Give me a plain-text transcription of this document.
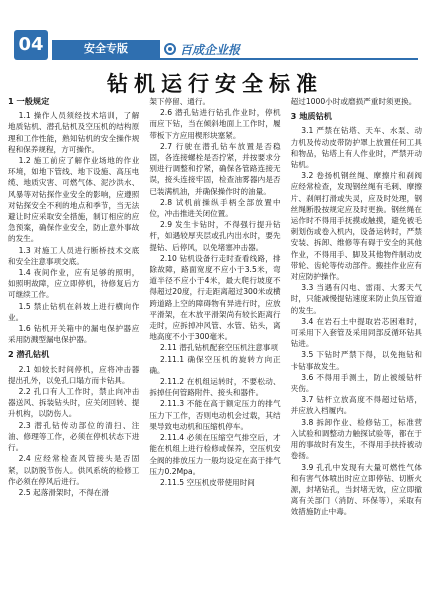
04	安全专版	百成企业报
钻机运行安全标准
1 一般规定

1.1 操作人员须经技术培训，了解地质钻机、潜孔钻机及空压机的结构原理和工作性能，熟知钻机的安全操作规程和保养规程，方可操作。

1.2 施工前应了解作业场地的作业环境，如地下管线、地下设施、高压电缆、地质灾害、可燃气体、泥沙洪水、风暴等对钻探作业安全的影响，应遵照对钻探安全不利的地点和季节，当无法避让时应采取安全措施，制订相应的应急预案，确保作业安全，防止意外事故的发生。

1.3 对施工人员进行断桥技术交底和安全注意事项交底。

1.4 夜间作业，应有足够的照明，如照明故障，应立即停机，待修复后方可继续工作。

1.5 禁止钻机在斜坡上进行横向作业。

1.6 钻机开关箱中的漏电保护器应采用防溅型漏电保护器。

2 潜孔钻机

2.1 如较长时间停机，应将冲击器提出孔外，以免孔口塌方而卡钻具。

2.2 孔口有人工作时，禁止向冲击器送风、拆装钻头时，应关闭回转、提升机构，以防伤人。

2.3 潜孔钻传动部位的清扫、注油、修理等工作，必须在停机状态下进行。

2.4 应经常检查风管接头是否固紧，以防脱节伤人。供风系统的检修工作必须在停风后进行。

2.5 起落滑架时，不得在滑

架下停留、通行。

2.6 潜孔钻进行钻孔作业时，停机而应下钻，当在倾斜地面上工作时，履带板下方应用楔形块塞紧。

2.7 行驶在潜孔钻车放置是否稳固，各连接螺栓是否拧紧，并按要求分别进行调整和拧紧，确保各管路连接无误，接头连接牢固，检查油雾器内是否已装满机油，并确保操作时的油量。

2.8 试机前操纵手柄全部放置中位，冲击推进关闭位置。

2.9 发生卡钻时，不得强行提升钻杆，如遇较厚夹层或孔内出水时，要先提钻、后停风，以免堵塞冲击器。

2.10 钻机设备行走时查看线路，排除故障，路面宽度不应小于3.5米，弯道半径不应小于4米，最大爬行坡度不得超过20度，行走距离超过300米或横跨道路上空的障碍物有异进行时，应放平滑架，在木放平滑架尚有较长距离行走时，应拆掉冲风管、水管、钻头，离地高度不小于300毫米。

2.11 潜孔钻机配套空压机注意事项

2.11.1 确保空压机的旋转方向正确。

2.11.2 在机组运转时，不要松动、拆掉任何管路附件、接头和器件。

2.11.3 不能在高于额定压力的排气压力下工作，否则电动机会过载，其结果导致电动机和压缩机停车。

2.11.4 必须在压缩空气排空后，才能在机组上进行检修或保养，空压机安全阀的排放压力一般均设定在高于排气压力0.2Mpa。

2.11.5 空压机皮带使用时间

超过1000小时或磨损严重时须更换。

3 地质钻机

3.1 严禁在钻塔、天车、水泵、动力机及传动皮带防护罩上放置任何工具和物品，钻塔上有人作业时，严禁开动钻机。

3.2 卷扬机钢丝绳、摩擦片和刹阀应经常检查，发现钢丝绳有毛刺、摩擦片、刹闸打滑或失灵，应及时处理，钢丝绳断股按规定应及时更换。钢丝绳在运作时不得用手抚摸或触摸，避免被毛刺划伤或卷入机内，设备运转时，严禁安装、拆卸、维修等有碍于安全的其他作业，不得用手、脚及其他物件制动皮带轮、齿轮等传动部件。搬挂作业应有对应防护操作。

3.3 当遇有闪电、雷雨、大雾天气时，只能减慢提钻速度来防止负压管道的发生。

3.4 在岩石土中提取岩芯困难时，可采用下入套管及采用同部反循环钻具钻进。

3.5 下钻时严禁下得，以免拖钻和卡钻事故发生。

3.6 不得用手测土，防止被缓钻杆夹伤。

3.7 钻杆立放高度不得超过钻塔，并应放入档履内。

3.8 拆卸作业、检修钻工，标准营入试验和调整动力触探试验等，都在于用的事故时有发生，不得用手扶持被动卷扬。

3.9 孔孔中发现有大量可燃性气体和有害气体喷出时应立即停钻、切断火源，封堵钻孔，当封堵无效，应立即撤离有关部门（消防、环保等），采取有效措施防止中毒。
